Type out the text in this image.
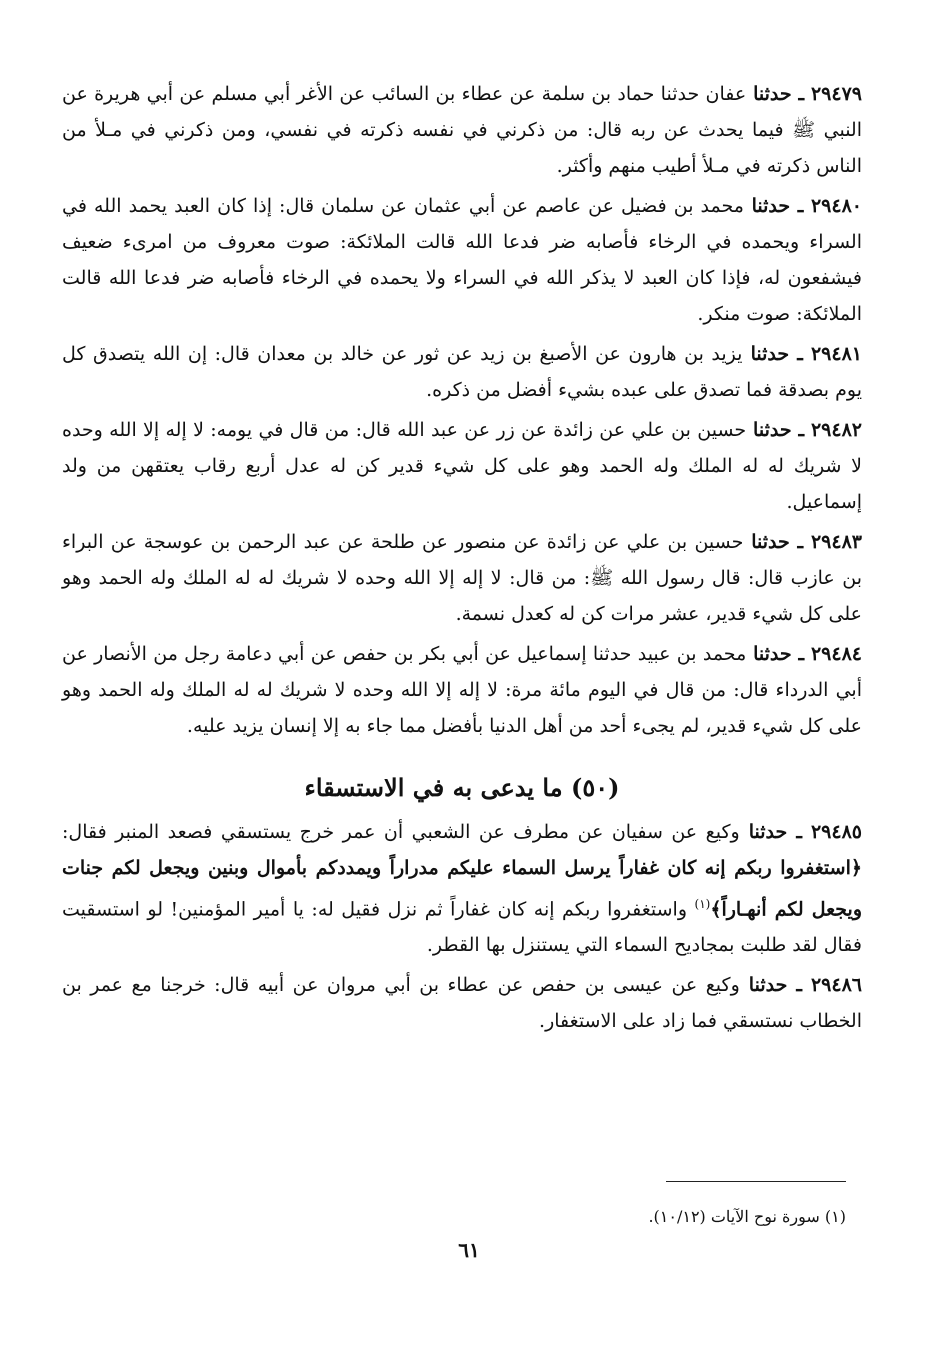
٢٩٤٧٩ ـ حدثنا عفان حدثنا حماد بن سلمة عن عطاء بن السائب عن الأغر أبي مسلم عن أبي هريرة عن النبي ﷺ فيما يحدث عن ربه قال: من ذكرني في نفسه ذكرته في نفسي، ومن ذكرني في مـلأ من الناس ذكرته في مـلأ أطيب منهم وأكثر.

٢٩٤٨٠ ـ حدثنا محمد بن فضيل عن عاصم عن أبي عثمان عن سلمان قال: إذا كان العبد يحمد الله في السراء ويحمده في الرخاء فأصابه ضر فدعا الله قالت الملائكة: صوت معروف من امرىء ضعيف فيشفعون له، فإذا كان العبد لا يذكر الله في السراء ولا يحمده في الرخاء فأصابه ضر فدعا الله قالت الملائكة: صوت منكر.

٢٩٤٨١ ـ حدثنا يزيد بن هارون عن الأصبغ بن زيد عن ثور عن خالد بن معدان قال: إن الله يتصدق كل يوم بصدقة فما تصدق على عبده بشيء أفضل من ذكره.

٢٩٤٨٢ ـ حدثنا حسين بن علي عن زائدة عن زر عن عبد الله قال: من قال في يومه: لا إله إلا الله وحده لا شريك له له الملك وله الحمد وهو على كل شيء قدير كن له عدل أربع رقاب يعتقهن من ولد إسماعيل.

٢٩٤٨٣ ـ حدثنا حسين بن علي عن زائدة عن منصور عن طلحة عن عبد الرحمن بن عوسجة عن البراء بن عازب قال: قال رسول الله ﷺ: من قال: لا إله إلا الله وحده لا شريك له له الملك وله الحمد وهو على كل شيء قدير، عشر مرات كن له كعدل نسمة.

٢٩٤٨٤ ـ حدثنا محمد بن عبيد حدثنا إسماعيل عن أبي بكر بن حفص عن أبي دعامة رجل من الأنصار عن أبي الدرداء قال: من قال في اليوم مائة مرة: لا إله إلا الله وحده لا شريك له له الملك وله الحمد وهو على كل شيء قدير، لم يجىء أحد من أهل الدنيا بأفضل مما جاء به إلا إنسان يزيد عليه.

(٥٠) ما يدعى به في الاستسقاء

٢٩٤٨٥ ـ حدثنا وكيع عن سفيان عن مطرف عن الشعبي أن عمر خرج يستسقي فصعد المنبر فقال: ﴿استغفروا ربكم إنه كان غفاراً يرسل السماء عليكم مدراراً ويمددكم بأموال وبنين ويجعل لكم جنات ويجعل لكم أنهـاراً﴾$^{(١)}$ واستغفروا ربكم إنه كان غفاراً ثم نزل فقيل له: يا أمير المؤمنين! لو استسقيت فقال لقد طلبت بمجاديح السماء التي يستنزل بها القطر.

٢٩٤٨٦ ـ حدثنا وكيع عن عيسى بن حفص عن عطاء بن أبي مروان عن أبيه قال: خرجنا مع عمر بن الخطاب نستسقي فما زاد على الاستغفار.

(١) سورة نوح الآيات (١٠/١٢).
٦١
